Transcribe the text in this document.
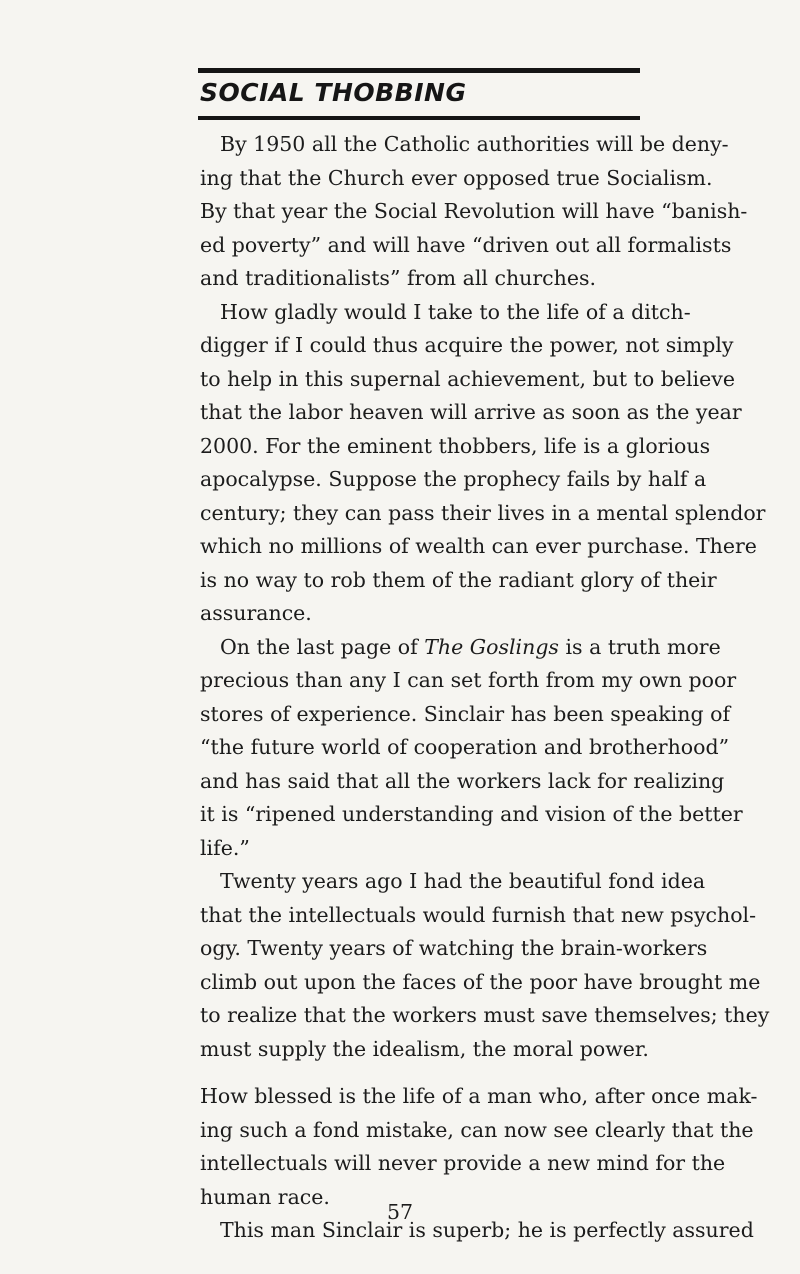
SOCIAL THOBBING
By 1950 all the Catholic authorities will be deny-
ing that the Church ever opposed true Socialism.
By that year the Social Revolution will have “banish-
ed poverty” and will have “driven out all formalists
and traditionalists” from all churches.
How gladly would I take to the life of a ditch-
digger if I could thus acquire the power, not simply
to help in this supernal achievement, but to believe
that the labor heaven will arrive as soon as the year
2000. For the eminent thobbers, life is a glorious
apocalypse. Suppose the prophecy fails by half a
century; they can pass their lives in a mental splendor
which no millions of wealth can ever purchase. There
is no way to rob them of the radiant glory of their
assurance.
On the last page of The Goslings is a truth more
precious than any I can set forth from my own poor
stores of experience. Sinclair has been speaking of
“the future world of cooperation and brotherhood”
and has said that all the workers lack for realizing
it is “ripened understanding and vision of the better
life.”
Twenty years ago I had the beautiful fond idea
that the intellectuals would furnish that new psychol-
ogy. Twenty years of watching the brain-workers
climb out upon the faces of the poor have brought me
to realize that the workers must save themselves; they
must supply the idealism, the moral power.
How blessed is the life of a man who, after once mak-
ing such a fond mistake, can now see clearly that the
intellectuals will never provide a new mind for the
human race.
This man Sinclair is superb; he is perfectly assured
57
